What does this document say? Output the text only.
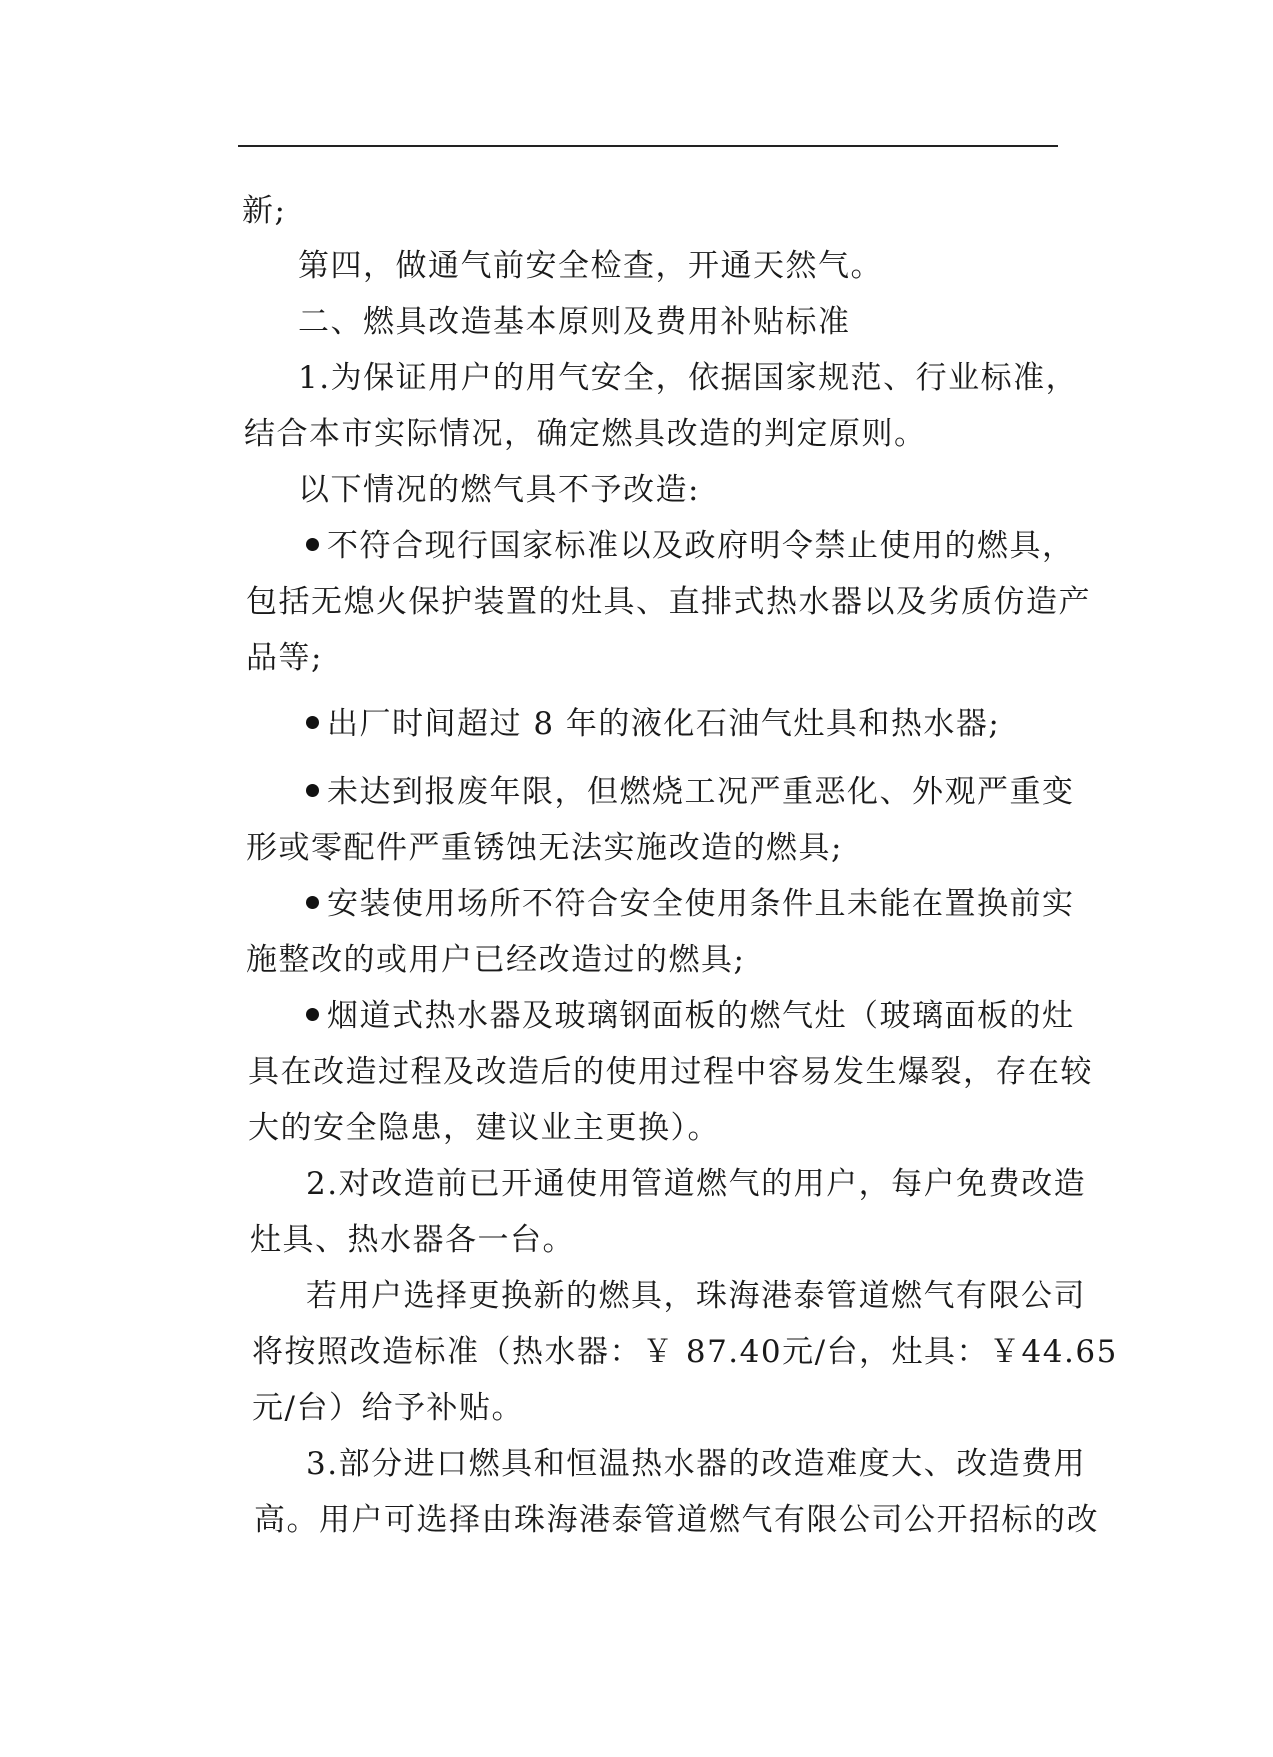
新;
第四，做通气前安全检查，开通天然气。
二、燃具改造基本原则及费用补贴标准
1.为保证用户的用气安全，依据国家规范、行业标准，
结合本市实际情况，确定燃具改造的判定原则。
以下情况的燃气具不予改造:
不符合现行国家标准以及政府明令禁止使用的燃具，
包括无熄火保护装置的灶具、直排式热水器以及劣质仿造产
品等;
出厂时间超过 8 年的液化石油气灶具和热水器;
未达到报废年限，但燃烧工况严重恶化、外观严重变
形或零配件严重锈蚀无法实施改造的燃具;
安装使用场所不符合安全使用条件且未能在置换前实
施整改的或用户已经改造过的燃具;
烟道式热水器及玻璃钢面板的燃气灶（玻璃面板的灶
具在改造过程及改造后的使用过程中容易发生爆裂，存在较
大的安全隐患，建议业主更换）。
2.对改造前已开通使用管道燃气的用户，每户免费改造
灶具、热水器各一台。
若用户选择更换新的燃具，珠海港泰管道燃气有限公司
将按照改造标准（热水器：￥ 87.40元/台，灶具：￥44.65
元/台）给予补贴。
3.部分进口燃具和恒温热水器的改造难度大、改造费用
高。用户可选择由珠海港泰管道燃气有限公司公开招标的改
